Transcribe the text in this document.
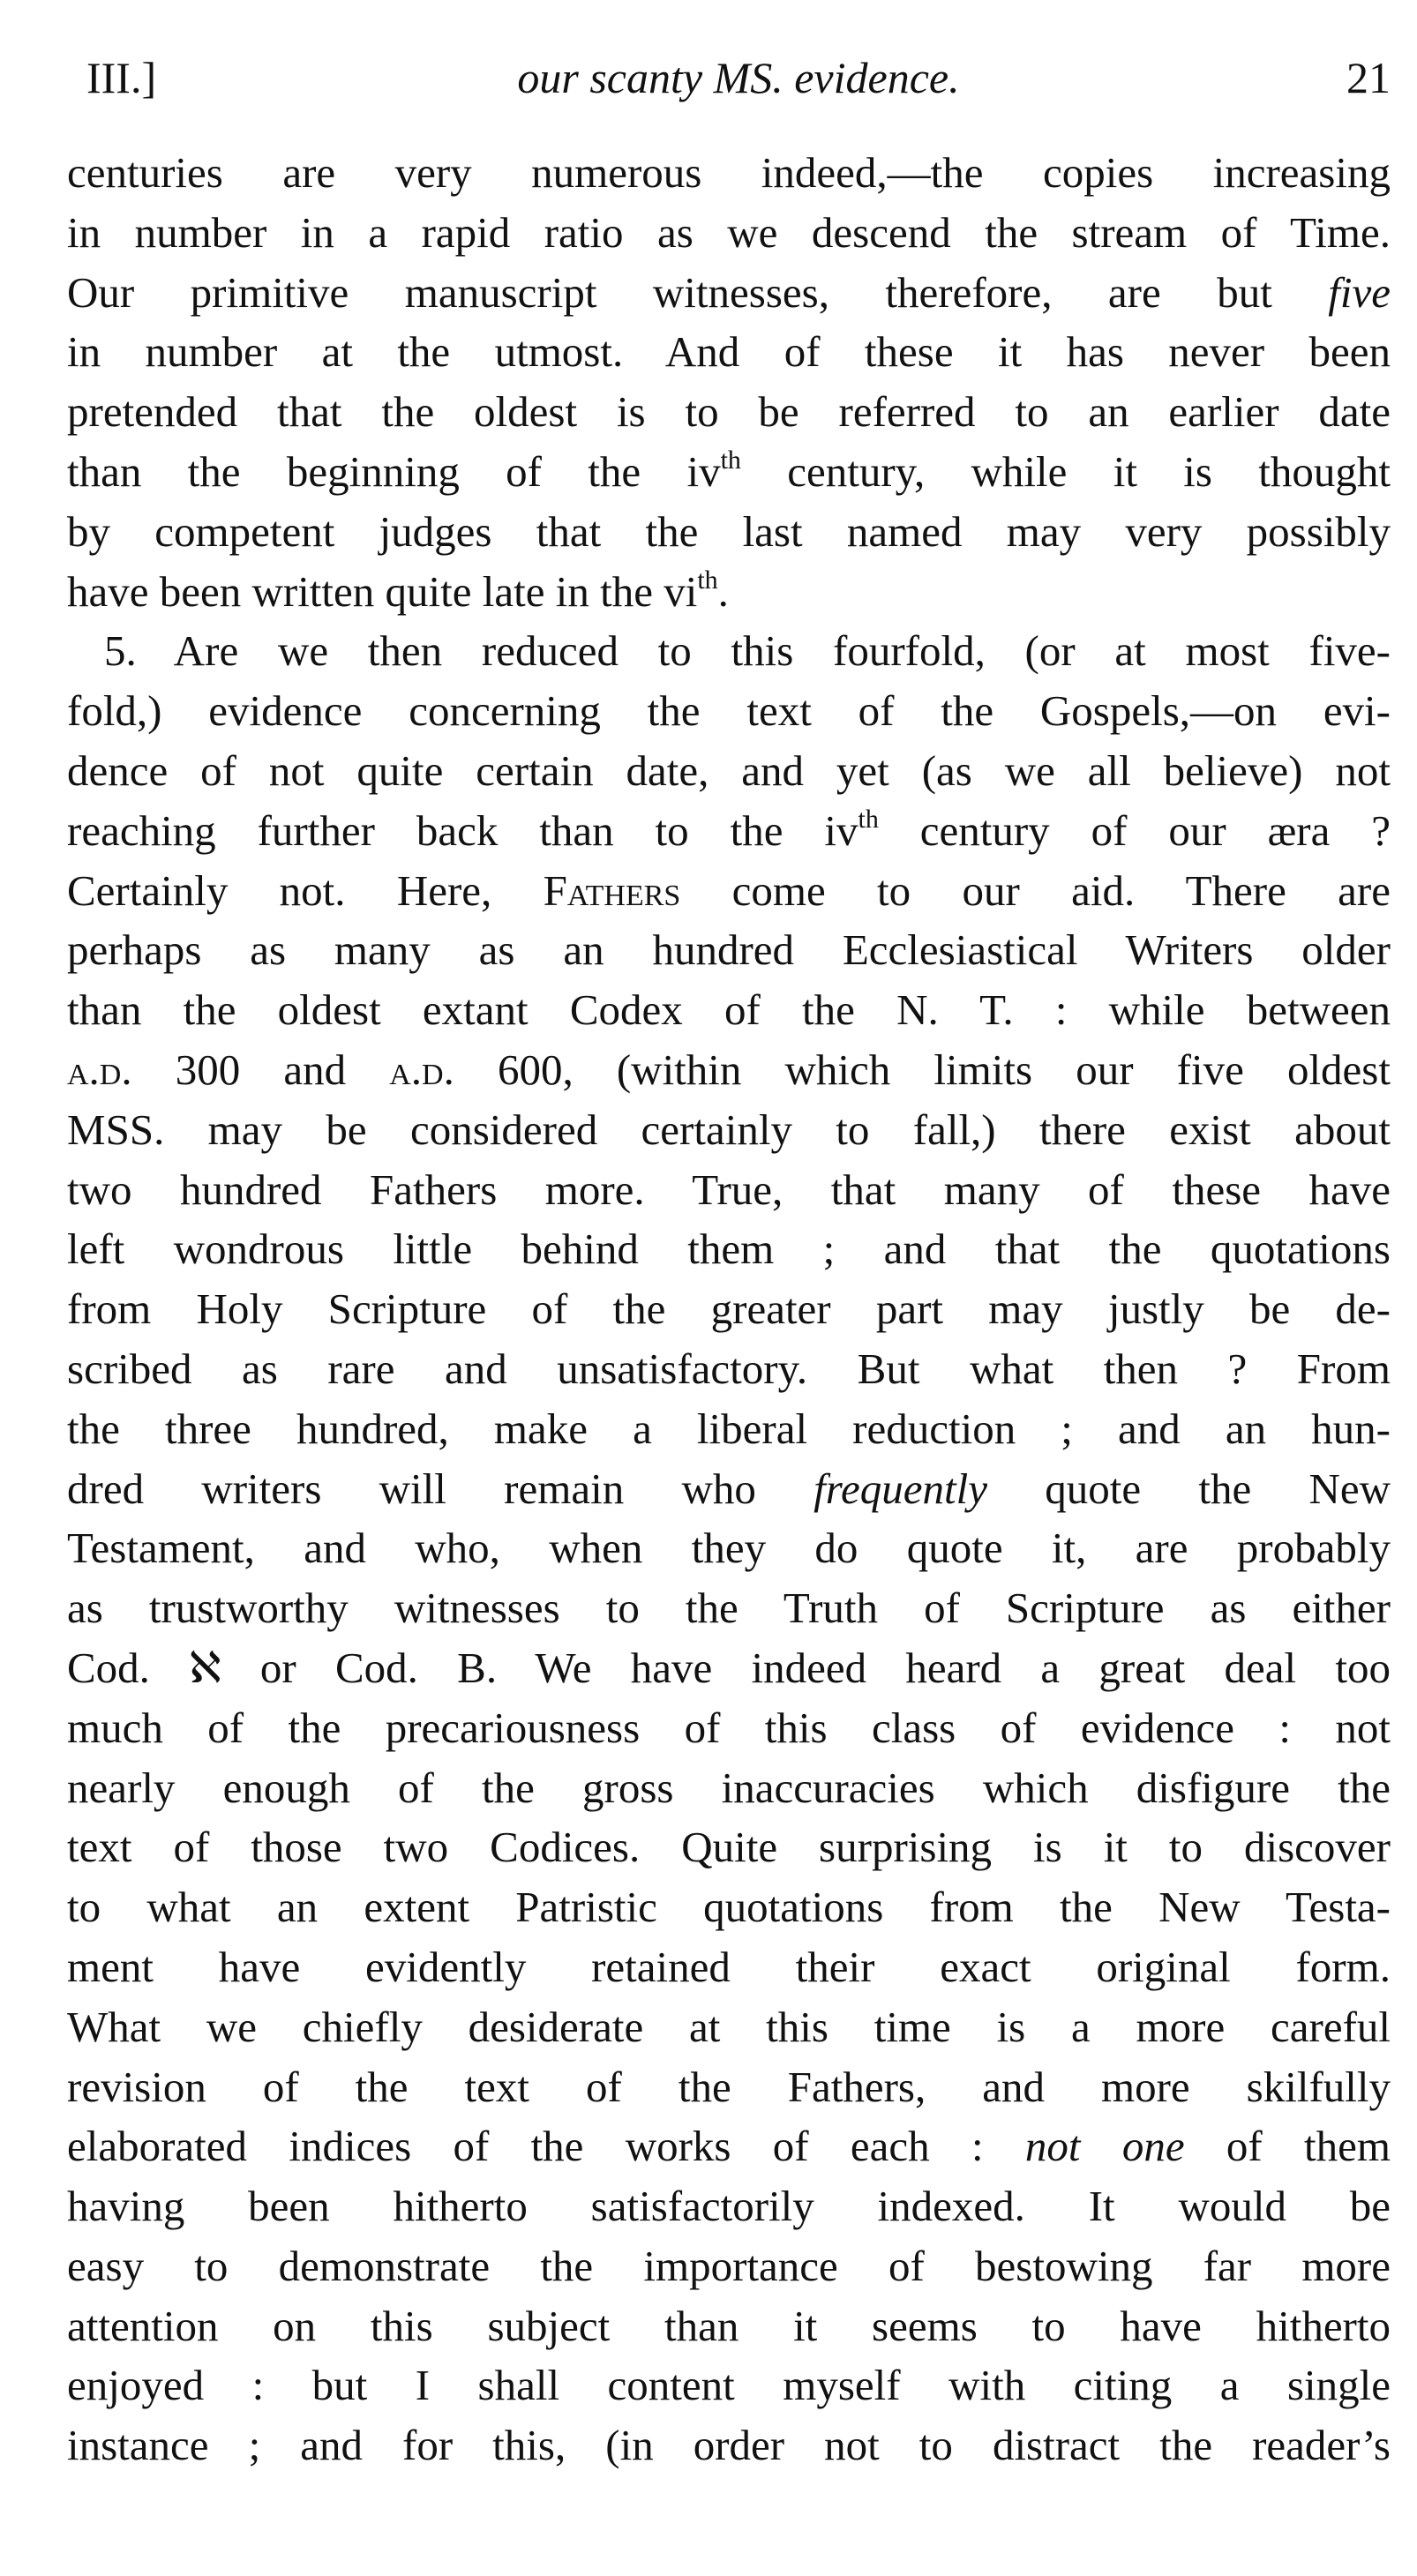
III.]	our scanty MS. evidence.	21
centuries are very numerous indeed,—the copies increasing
in number in a rapid ratio as we descend the stream of Time.
Our primitive manuscript witnesses, therefore, are but five
in number at the utmost. And of these it has never been
pretended that the oldest is to be referred to an earlier date
than the beginning of the $iv^{th}$ century, while it is thought
by competent judges that the last named may very possibly
have been written quite late in the $vi^{th}$.
5. Are we then reduced to this fourfold, (or at most five-
fold,) evidence concerning the text of the Gospels,—on evi-
dence of not quite certain date, and yet (as we all believe) not
reaching further back than to the $iv^{th}$ century of our æra ?
Certainly not. Here, Fathers come to our aid. There are
perhaps as many as an hundred Ecclesiastical Writers older
than the oldest extant Codex of the N. T. : while between
a.d. 300 and a.d. 600, (within which limits our five oldest
MSS. may be considered certainly to fall,) there exist about
two hundred Fathers more. True, that many of these have
left wondrous little behind them ; and that the quotations
from Holy Scripture of the greater part may justly be de-
scribed as rare and unsatisfactory. But what then ? From
the three hundred, make a liberal reduction ; and an hun-
dred writers will remain who frequently quote the New
Testament, and who, when they do quote it, are probably
as trustworthy witnesses to the Truth of Scripture as either
Cod. ℵ or Cod. B. We have indeed heard a great deal too
much of the precariousness of this class of evidence : not
nearly enough of the gross inaccuracies which disfigure the
text of those two Codices. Quite surprising is it to discover
to what an extent Patristic quotations from the New Testa-
ment have evidently retained their exact original form.
What we chiefly desiderate at this time is a more careful
revision of the text of the Fathers, and more skilfully
elaborated indices of the works of each : not one of them
having been hitherto satisfactorily indexed. It would be
easy to demonstrate the importance of bestowing far more
attention on this subject than it seems to have hitherto
enjoyed : but I shall content myself with citing a single
instance ; and for this, (in order not to distract the reader’s
